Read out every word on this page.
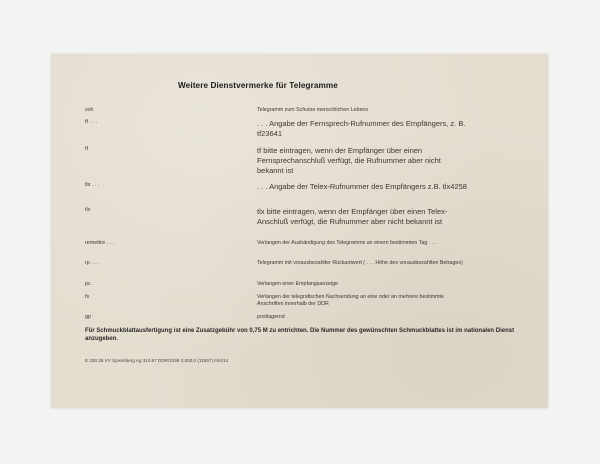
Weitere Dienstvermerke für Telegramme
svh	Telegramm zum Schutze menschlichen Lebens
tf . . .	. . . Angabe der Fernsprech-Rufnummer des Empfängers, z. B. tf23641
tf	tf bitte eintragen, wenn der Empfänger über einen Fernsprechanschluß verfügt, die Rufnummer aber nicht bekannt ist
tlx . . .	. . . Angabe der Telex-Rufnummer des Empfängers z.B. tlx4258
tlx	tlx bitte eintragen, wenn der Empfänger über einen Telex-Anschluß verfügt, die Rufnummer aber nicht bekannt ist
remettre . . .	Verlangen der Aushändigung des Telegramms an einem bestimmten Tag . . .
rp . . .	Telegramm mit vorausbezahlter Rückantwort ( . . . Höhe des vorausbezahlten Betrages)
pc	Verlangen einer Empfangsanzeige
fs	Verlangen der telegrafischen Nachsendung an eine oder an mehrere bestimmte Anschriften innerhalb der DDR
gp	postlagernd
Für Schmuckblattausfertigung ist eine Zusatzgebühr von 0,75 M zu entrichten. Die Nummer des gewünschten Schmuckblattes ist im nationalen Dienst anzugeben.
E 330.38 VV Spremberg Ag 310.87 DDR/2299 3.000,0 (11657) III/4/14
